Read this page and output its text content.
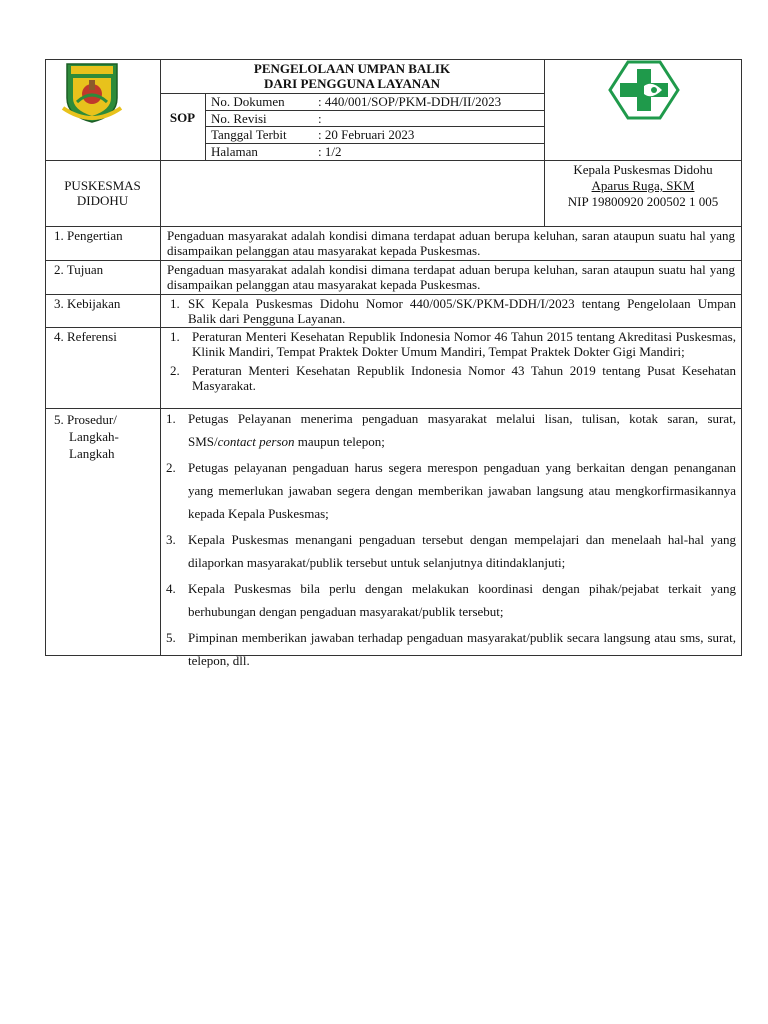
PENGELOLAAN UMPAN BALIK
DARI PENGGUNA LAYANAN
SOP
No. Dokumen	: 440/001/SOP/PKM-DDH/II/2023
No. Revisi	:
Tanggal Terbit : 20 Februari 2023
Halaman	: 1/2
PUSKESMAS
DIDOHU
Kepala Puskesmas Didohu
Aparus Ruga, SKM
NIP 19800920 200502 1 005
1. Pengertian	Pengaduan masyarakat adalah kondisi dimana terdapat aduan berupa keluhan, saran ataupun suatu hal yang disampaikan pelanggan atau masyarakat kepada Puskesmas.
2. Tujuan	Pengaduan masyarakat adalah kondisi dimana terdapat aduan berupa keluhan, saran ataupun suatu hal yang disampaikan pelanggan atau masyarakat kepada Puskesmas.
3. Kebijakan	1. SK Kepala Puskesmas Didohu Nomor 440/005/SK/PKM-DDH/I/2023 tentang Pengelolaan Umpan Balik dari Pengguna Layanan.
4. Referensi	1. Peraturan Menteri Kesehatan Republik Indonesia Nomor 46 Tahun 2015 tentang Akreditasi Puskesmas, Klinik Mandiri, Tempat Praktek Dokter Umum Mandiri, Tempat Praktek Dokter Gigi Mandiri;
2. Peraturan Menteri Kesehatan Republik Indonesia Nomor 43 Tahun 2019 tentang Pusat Kesehatan Masyarakat.
5. Prosedur/
Langkah-
Langkah
1. Petugas Pelayanan menerima pengaduan masyarakat melalui lisan, tulisan, kotak saran, surat, SMS/contact person maupun telepon;
2. Petugas pelayanan pengaduan harus segera merespon pengaduan yang berkaitan dengan penanganan yang memerlukan jawaban segera dengan memberikan jawaban langsung atau mengkorfirmasikannya kepada Kepala Puskesmas;
3. Kepala Puskesmas menangani pengaduan tersebut dengan mempelajari dan menelaah hal-hal yang dilaporkan masyarakat/publik tersebut untuk selanjutnya ditindaklanjuti;
4. Kepala Puskesmas bila perlu dengan melakukan koordinasi dengan pihak/pejabat terkait yang berhubungan dengan pengaduan masyarakat/publik tersebut;
5. Pimpinan memberikan jawaban terhadap pengaduan masyarakat/publik secara langsung atau sms, surat, telepon, dll.
